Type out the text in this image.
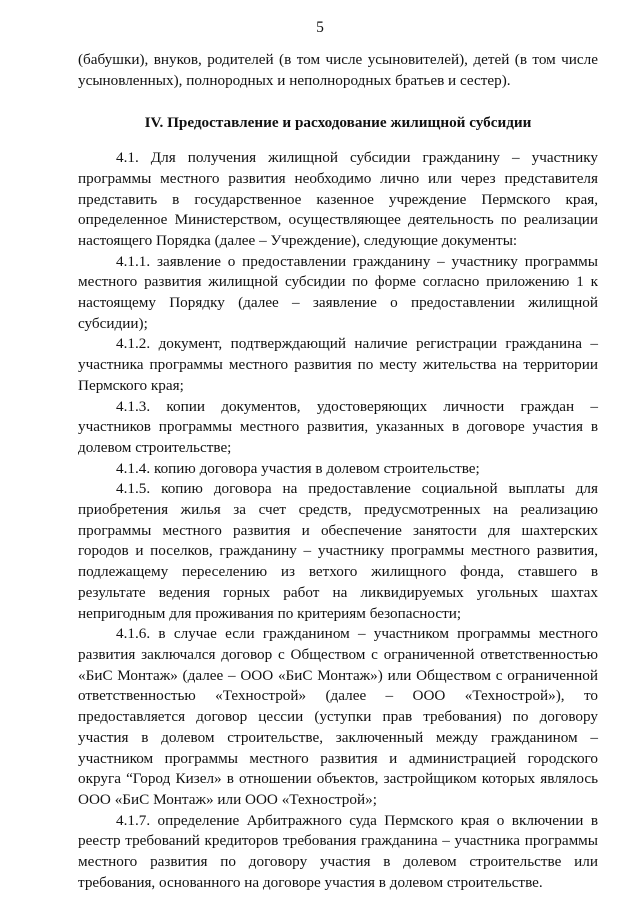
5

(бабушки), внуков, родителей (в том числе усыновителей), детей (в том числе усыновленных), полнородных и неполнородных братьев и сестер).

IV. Предоставление и расходование жилищной субсидии

4.1. Для получения жилищной субсидии гражданину – участнику программы местного развития необходимо лично или через представителя представить в государственное казенное учреждение Пермского края, определенное Министерством, осуществляющее деятельность по реализации настоящего Порядка (далее – Учреждение), следующие документы:

4.1.1. заявление о предоставлении гражданину – участнику программы местного развития жилищной субсидии по форме согласно приложению 1 к настоящему Порядку (далее – заявление о предоставлении жилищной субсидии);

4.1.2. документ, подтверждающий наличие регистрации гражданина – участника программы местного развития по месту жительства на территории Пермского края;

4.1.3. копии документов, удостоверяющих личности граждан – участников программы местного развития, указанных в договоре участия в долевом строительстве;

4.1.4. копию договора участия в долевом строительстве;

4.1.5. копию договора на предоставление социальной выплаты для приобретения жилья за счет средств, предусмотренных на реализацию программы местного развития и обеспечение занятости для шахтерских городов и поселков, гражданину – участнику программы местного развития, подлежащему переселению из ветхого жилищного фонда, ставшего в результате ведения горных работ на ликвидируемых угольных шахтах непригодным для проживания по критериям безопасности;

4.1.6. в случае если гражданином – участником программы местного развития заключался договор с Обществом с ограниченной ответственностью «БиС Монтаж» (далее – ООО «БиС Монтаж») или Обществом с ограниченной ответственностью «Технострой» (далее – ООО «Технострой»), то предоставляется договор цессии (уступки прав требования) по договору участия в долевом строительстве, заключенный между гражданином – участником программы местного развития и администрацией городского округа “Город Кизел» в отношении объектов, застройщиком которых являлось ООО «БиС Монтаж» или ООО «Технострой»;

4.1.7. определение Арбитражного суда Пермского края о включении в реестр требований кредиторов требования гражданина – участника программы местного развития по договору участия в долевом строительстве или требования, основанного на договоре участия в долевом строительстве.
